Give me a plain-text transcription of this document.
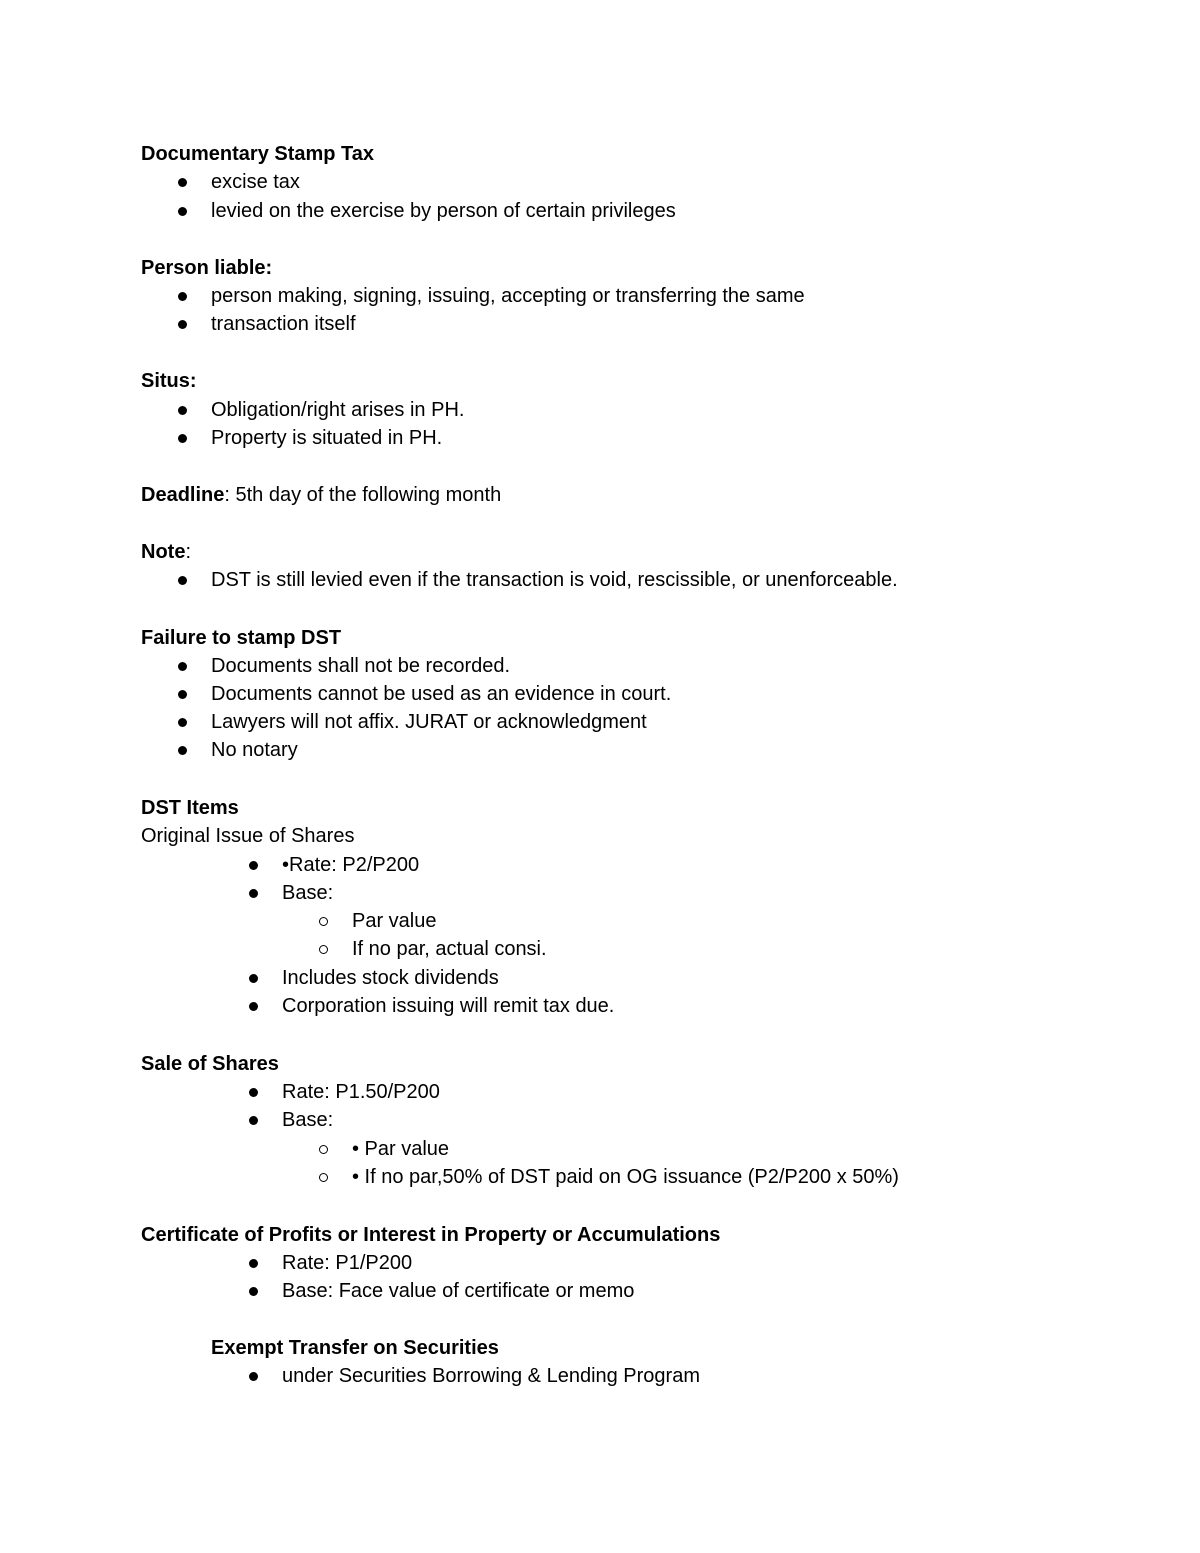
Documentary Stamp Tax
excise tax
levied on the exercise by person of certain privileges
Person liable:
person making, signing, issuing, accepting or transferring the same
transaction itself
Situs:
Obligation/right arises in PH.
Property is situated in PH.
Deadline: 5th day of the following month
Note:
DST is still levied even if the transaction is void, rescissible, or unenforceable.
Failure to stamp DST
Documents shall not be recorded.
Documents cannot be used as an evidence in court.
Lawyers will not affix. JURAT or acknowledgment
No notary
DST Items
Original Issue of Shares
•Rate: P2/P200
Base:
Par value
If no par, actual consi.
Includes stock dividends
Corporation issuing will remit tax due.
Sale of Shares
Rate: P1.50/P200
Base:
• Par value
• If no par,50% of DST paid on OG issuance (P2/P200 x 50%)
Certificate of Profits or Interest in Property or Accumulations
Rate: P1/P200
Base: Face value of certificate or memo
Exempt Transfer on Securities
under Securities Borrowing & Lending Program
